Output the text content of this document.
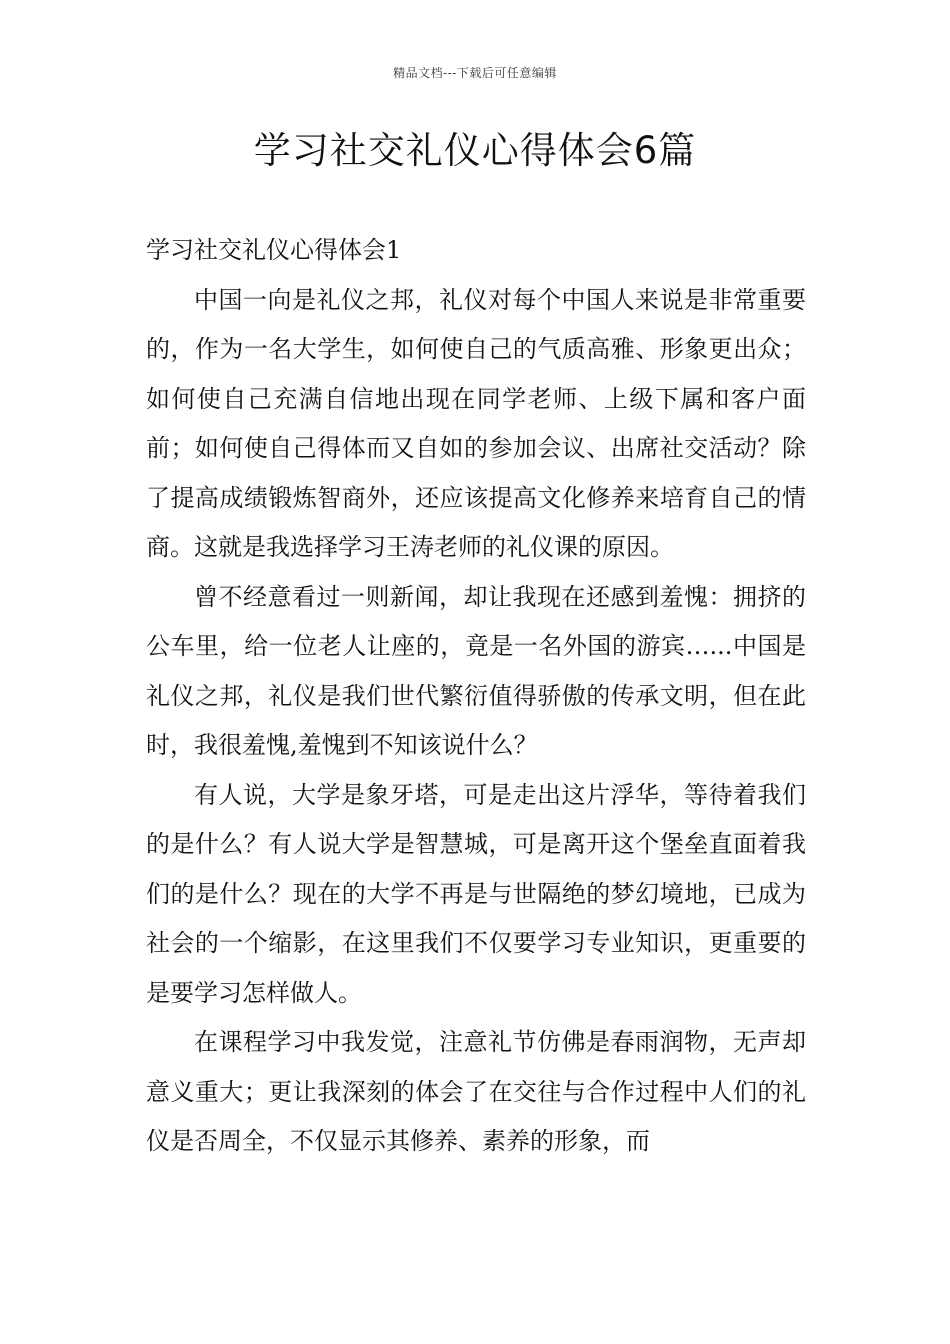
精品文档---下载后可任意编辑
学习社交礼仪心得体会6篇

学习社交礼仪心得体会1

中国一向是礼仪之邦，礼仪对每个中国人来说是非常重要的，作为一名大学生，如何使自己的气质高雅、形象更出众；如何使自己充满自信地出现在同学老师、上级下属和客户面前；如何使自己得体而又自如的参加会议、出席社交活动？除了提高成绩锻炼智商外，还应该提高文化修养来培育自己的情商。这就是我选择学习王涛老师的礼仪课的原因。

曾不经意看过一则新闻，却让我现在还感到羞愧：拥挤的公车里，给一位老人让座的，竟是一名外国的游宾…...中国是礼仪之邦，礼仪是我们世代繁衍值得骄傲的传承文明，但在此时，我很羞愧,羞愧到不知该说什么？

有人说，大学是象牙塔，可是走出这片浮华，等待着我们的是什么？有人说大学是智慧城，可是离开这个堡垒直面着我们的是什么？现在的大学不再是与世隔绝的梦幻境地，已成为社会的一个缩影，在这里我们不仅要学习专业知识，更重要的是要学习怎样做人。

在课程学习中我发觉，注意礼节仿佛是春雨润物，无声却意义重大；更让我深刻的体会了在交往与合作过程中人们的礼仪是否周全，不仅显示其修养、素养的形象，而
